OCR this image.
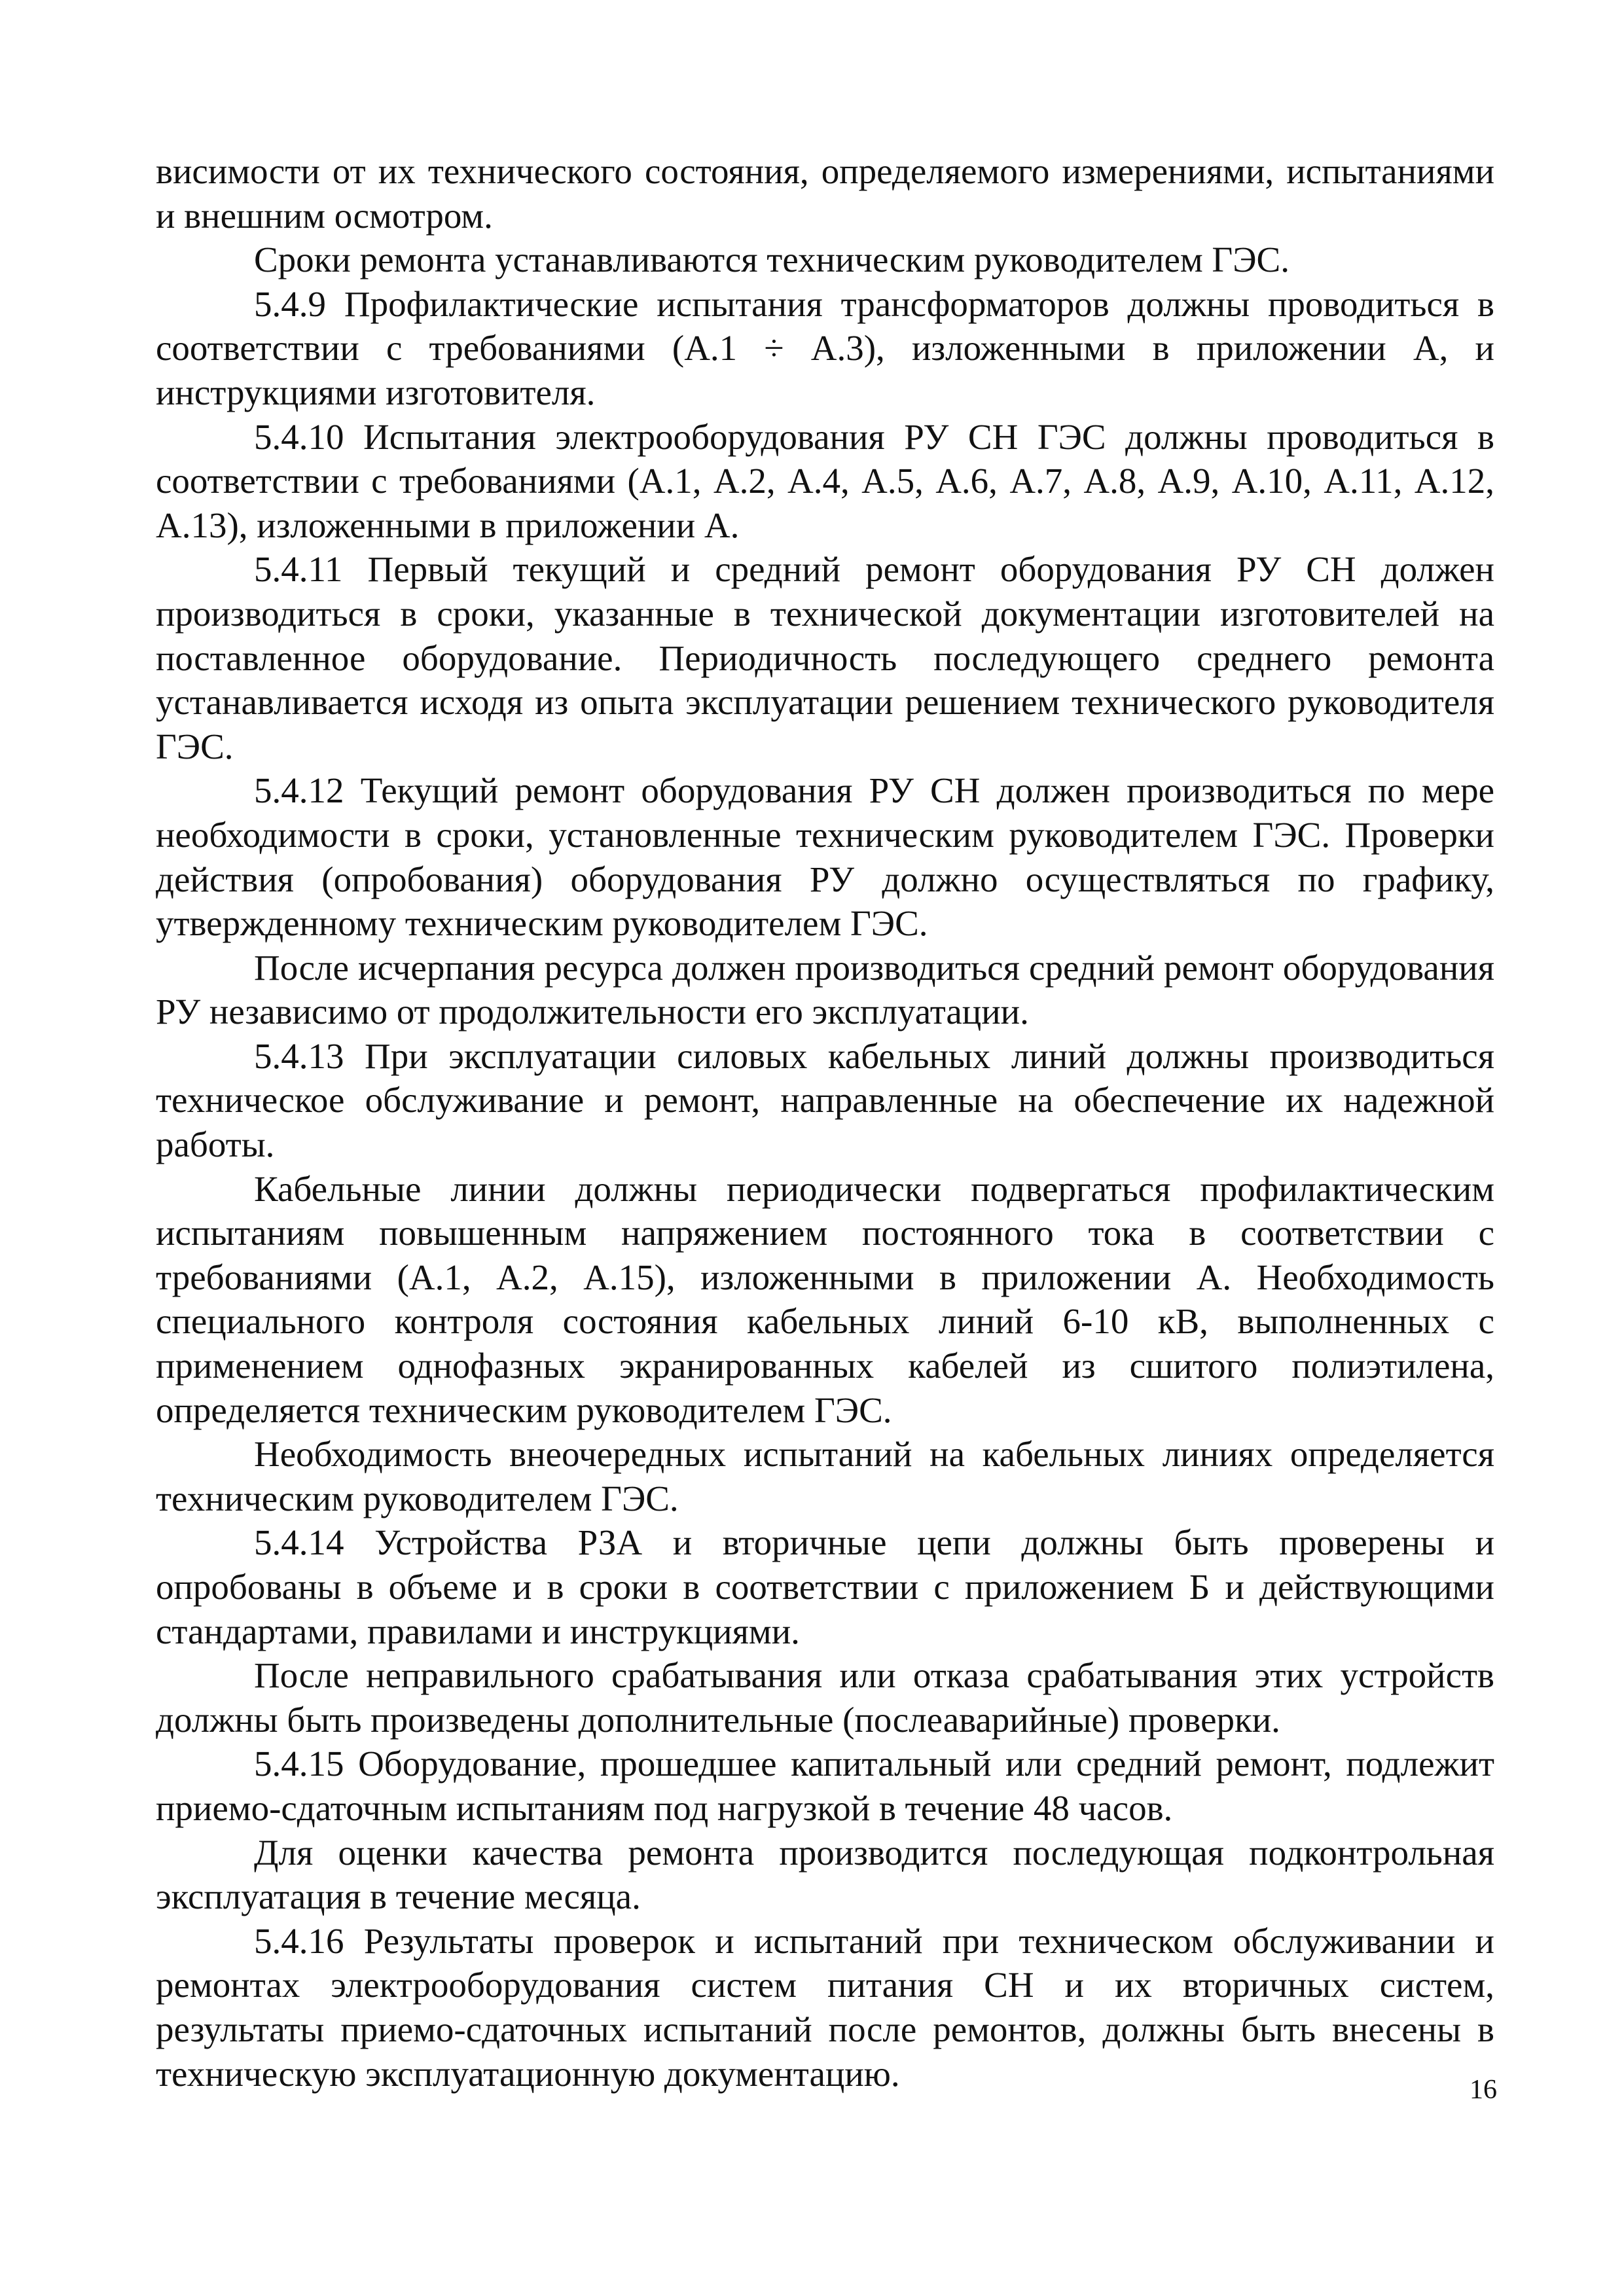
висимости от их технического состояния, определяемого измерениями, испытаниями и внешним осмотром.

Сроки ремонта устанавливаются техническим руководителем ГЭС.

5.4.9 Профилактические испытания трансформаторов должны проводиться в соответствии с требованиями (А.1 ÷ А.3), изложенными в приложении А, и инструкциями изготовителя.

5.4.10 Испытания электрооборудования РУ СН ГЭС должны проводиться в соответствии с требованиями (А.1, А.2, А.4, А.5, А.6, А.7, А.8, А.9, А.10, А.11, А.12, А.13), изложенными в приложении А.

5.4.11 Первый текущий и средний ремонт оборудования РУ СН должен производиться в сроки, указанные в технической документации изготовителей на поставленное оборудование. Периодичность последующего среднего ремонта устанавливается исходя из опыта эксплуатации решением технического руководителя ГЭС.

5.4.12 Текущий ремонт оборудования РУ СН должен производиться по мере необходимости в сроки, установленные техническим руководителем ГЭС. Проверки действия (опробования) оборудования РУ должно осуществляться по графику, утвержденному техническим руководителем ГЭС.

После исчерпания ресурса должен производиться средний ремонт оборудования РУ независимо от продолжительности его эксплуатации.

5.4.13 При эксплуатации силовых кабельных линий должны производиться техническое обслуживание и ремонт, направленные на обеспечение их надежной работы.

Кабельные линии должны периодически подвергаться профилактическим испытаниям повышенным напряжением постоянного тока в соответствии с требованиями (А.1, А.2, А.15), изложенными в приложении А. Необходимость специального контроля состояния кабельных линий 6-10 кВ, выполненных с применением однофазных экранированных кабелей из сшитого полиэтилена, определяется техническим руководителем ГЭС.

Необходимость внеочередных испытаний на кабельных линиях определяется техническим руководителем ГЭС.

5.4.14 Устройства РЗА и вторичные цепи должны быть проверены и опробованы в объеме и в сроки в соответствии с приложением Б и действующими стандартами, правилами и инструкциями.

После неправильного срабатывания или отказа срабатывания этих устройств должны быть произведены дополнительные (послеаварийные) проверки.

5.4.15 Оборудование, прошедшее капитальный или средний ремонт, подлежит приемо-сдаточным испытаниям под нагрузкой в течение 48 часов.

Для оценки качества ремонта производится последующая подконтрольная эксплуатация в течение месяца.

5.4.16 Результаты проверок и испытаний при техническом обслуживании и ремонтах электрооборудования систем питания СН и их вторичных систем, результаты приемо-сдаточных испытаний после ремонтов, должны быть внесены в техническую эксплуатационную документацию.	16
